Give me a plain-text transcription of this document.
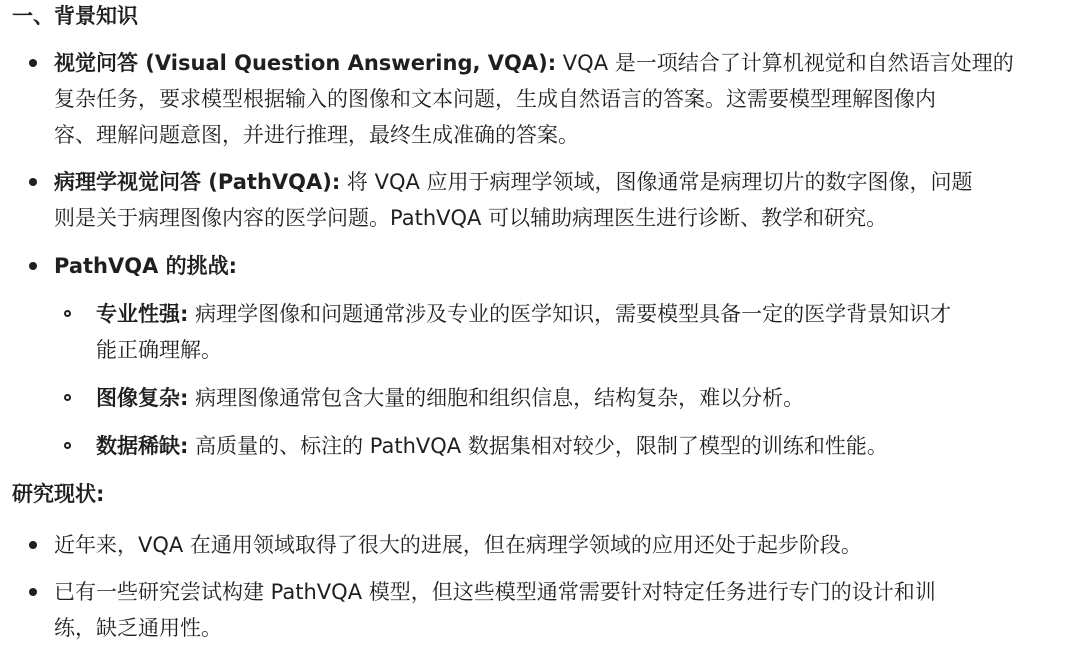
一、背景知识
视觉问答 (Visual Question Answering, VQA): VQA 是一项结合了计算机视觉和自然语言处理的
复杂任务，要求模型根据输入的图像和文本问题，生成自然语言的答案。这需要模型理解图像内
容、理解问题意图，并进行推理，最终生成准确的答案。
病理学视觉问答 (PathVQA): 将 VQA 应用于病理学领域，图像通常是病理切片的数字图像，问题
则是关于病理图像内容的医学问题。PathVQA 可以辅助病理医生进行诊断、教学和研究。
PathVQA 的挑战:
专业性强: 病理学图像和问题通常涉及专业的医学知识，需要模型具备一定的医学背景知识才
能正确理解。
图像复杂: 病理图像通常包含大量的细胞和组织信息，结构复杂，难以分析。
数据稀缺: 高质量的、标注的 PathVQA 数据集相对较少，限制了模型的训练和性能。
研究现状:
近年来，VQA 在通用领域取得了很大的进展，但在病理学领域的应用还处于起步阶段。
已有一些研究尝试构建 PathVQA 模型，但这些模型通常需要针对特定任务进行专门的设计和训
练，缺乏通用性。
